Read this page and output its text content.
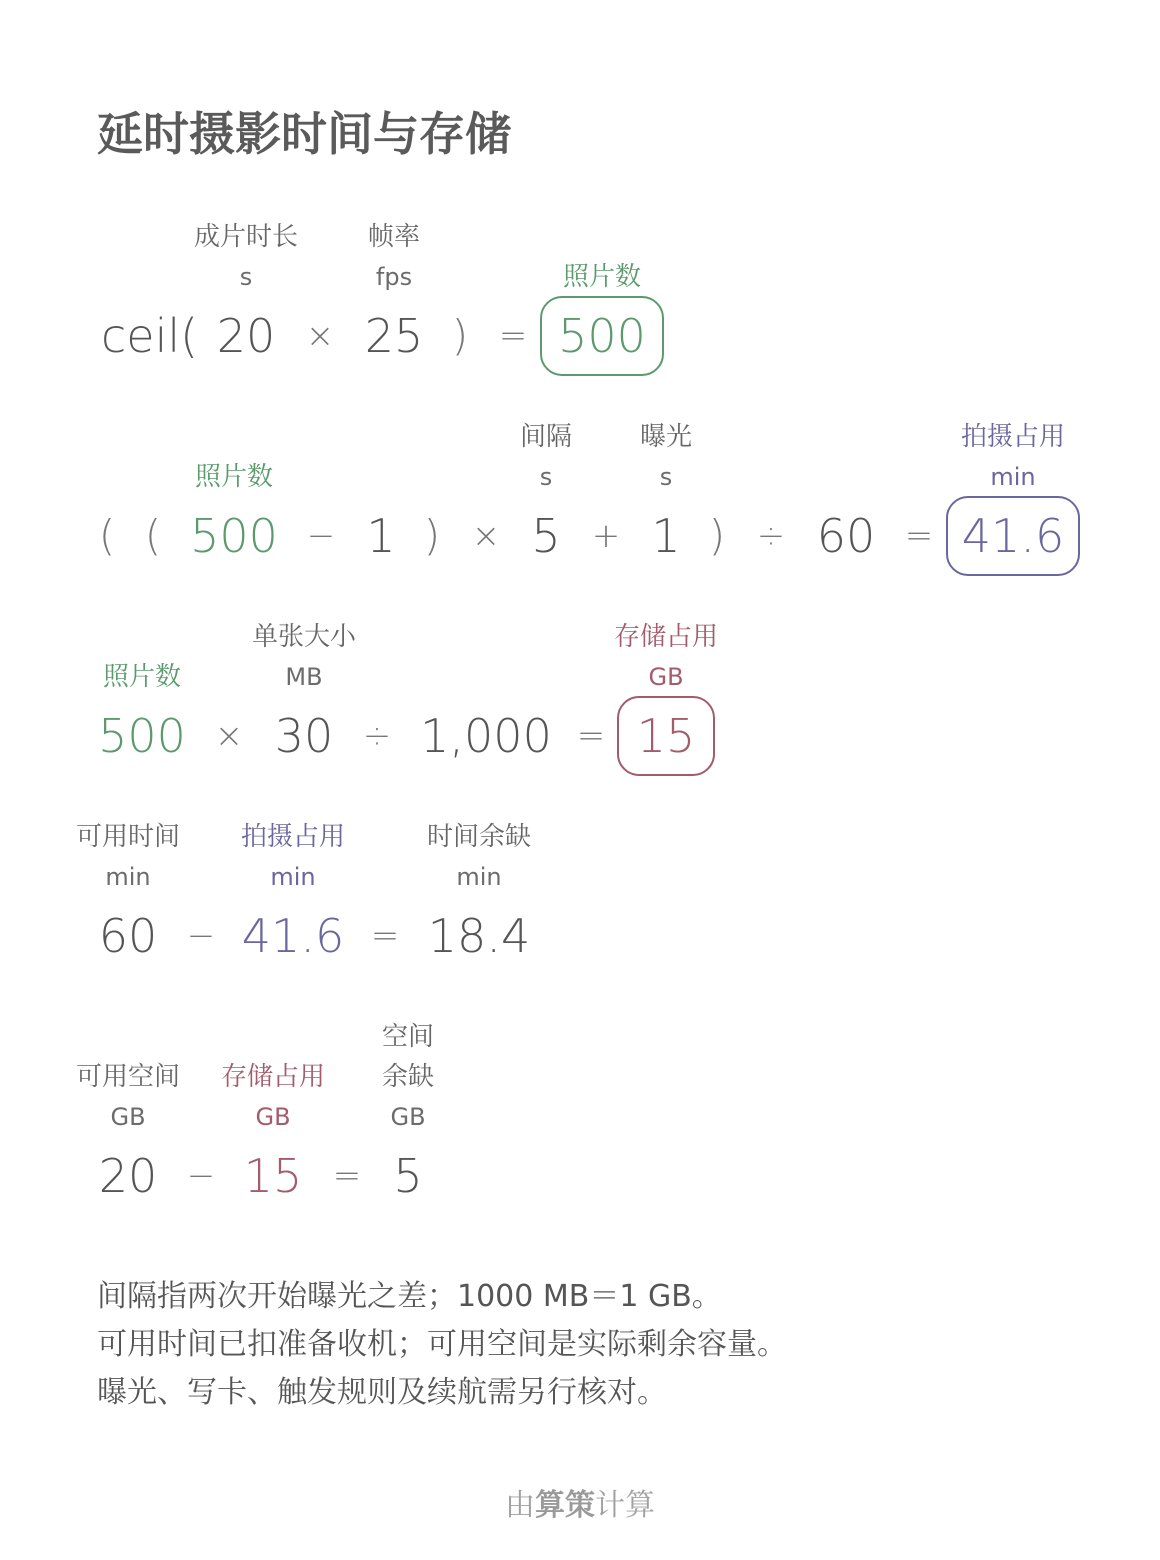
延时摄影时间与存储
成片时长
s
帧率
fps	照片数
ceil( 20 × 25 ) = 500
照片数
间隔
s
曝光
s
拍摄占用
min
( ( 500 − 1 ) × 5 + 1 ) ÷ 60 = 41.6
照片数
单张大小
MB
存储占用
GB
500 × 30 ÷ 1,000 = 15
可用时间
min
拍摄占用
min
时间余缺
min
60 − 41.6 = 18.4
可用空间
GB
存储占用
GB
空间
余缺
GB
20 − 15 = 5
间隔指两次开始曝光之差；1000 MB＝1 GB。
可用时间已扣准备收机；可用空间是实际剩余容量。
曝光、写卡、触发规则及续航需另行核对。
由算策计算
